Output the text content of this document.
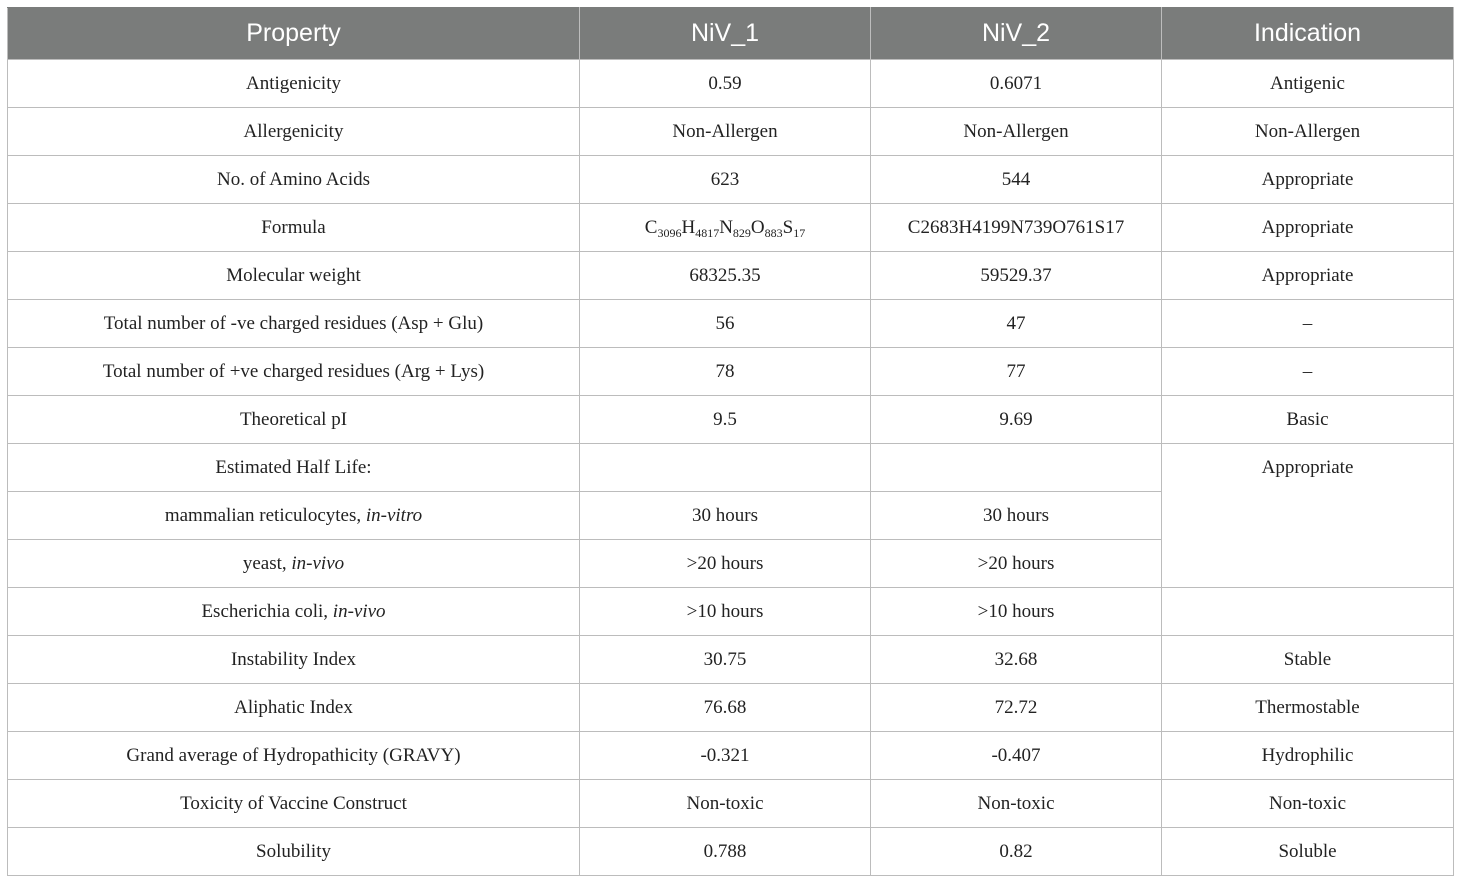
Property	NiV_1	NiV_2	Indication
Antigenicity	0.59	0.6071	Antigenic
Allergenicity	Non-Allergen	Non-Allergen	Non-Allergen
No. of Amino Acids	623	544	Appropriate
Formula	$C_{3096}H_{4817}N_{829}O_{883}S_{17}$	C2683H4199N739O761S17	Appropriate
Molecular weight	68325.35	59529.37	Appropriate
Total number of -ve charged residues (Asp + Glu)	56	47	–
Total number of +ve charged residues (Arg + Lys)	78	77	–
Theoretical pI	9.5	9.69	Basic
Estimated Half Life:			Appropriate
mammalian reticulocytes, in-vitro	30 hours	30 hours	
yeast, in-vivo	>20 hours	>20 hours	
Escherichia coli, in-vivo	>10 hours	>10 hours	
Instability Index	30.75	32.68	Stable
Aliphatic Index	76.68	72.72	Thermostable
Grand average of Hydropathicity (GRAVY)	-0.321	-0.407	Hydrophilic
Toxicity of Vaccine Construct	Non-toxic	Non-toxic	Non-toxic
Solubility	0.788	0.82	Soluble
